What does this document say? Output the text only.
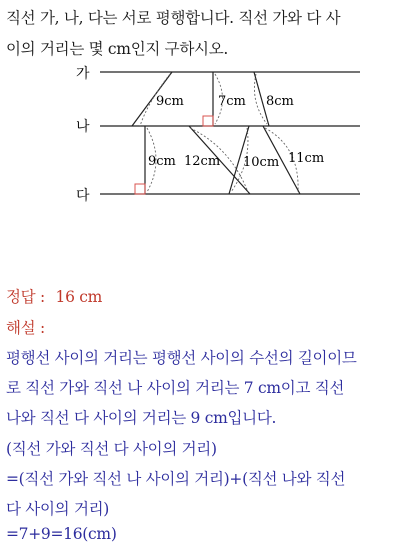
직선 가, 나, 다는 서로 평행합니다. 직선 가와 다 사
이의 거리는 몇 cm인지 구하시오.
가
나
다
9cm	7cm 8cm
9cm 12cm 10cm 11cm
정답 : 16 cm
해설 :
평행선 사이의 거리는 평행선 사이의 수선의 길이이므
로 직선 가와 직선 나 사이의 거리는 7 cm이고 직선
나와 직선 다 사이의 거리는 9 cm입니다.
(직선 가와 직선 다 사이의 거리)
=(직선 가와 직선 나 사이의 거리)+(직선 나와 직선
다 사이의 거리)
=7+9=16(cm)
